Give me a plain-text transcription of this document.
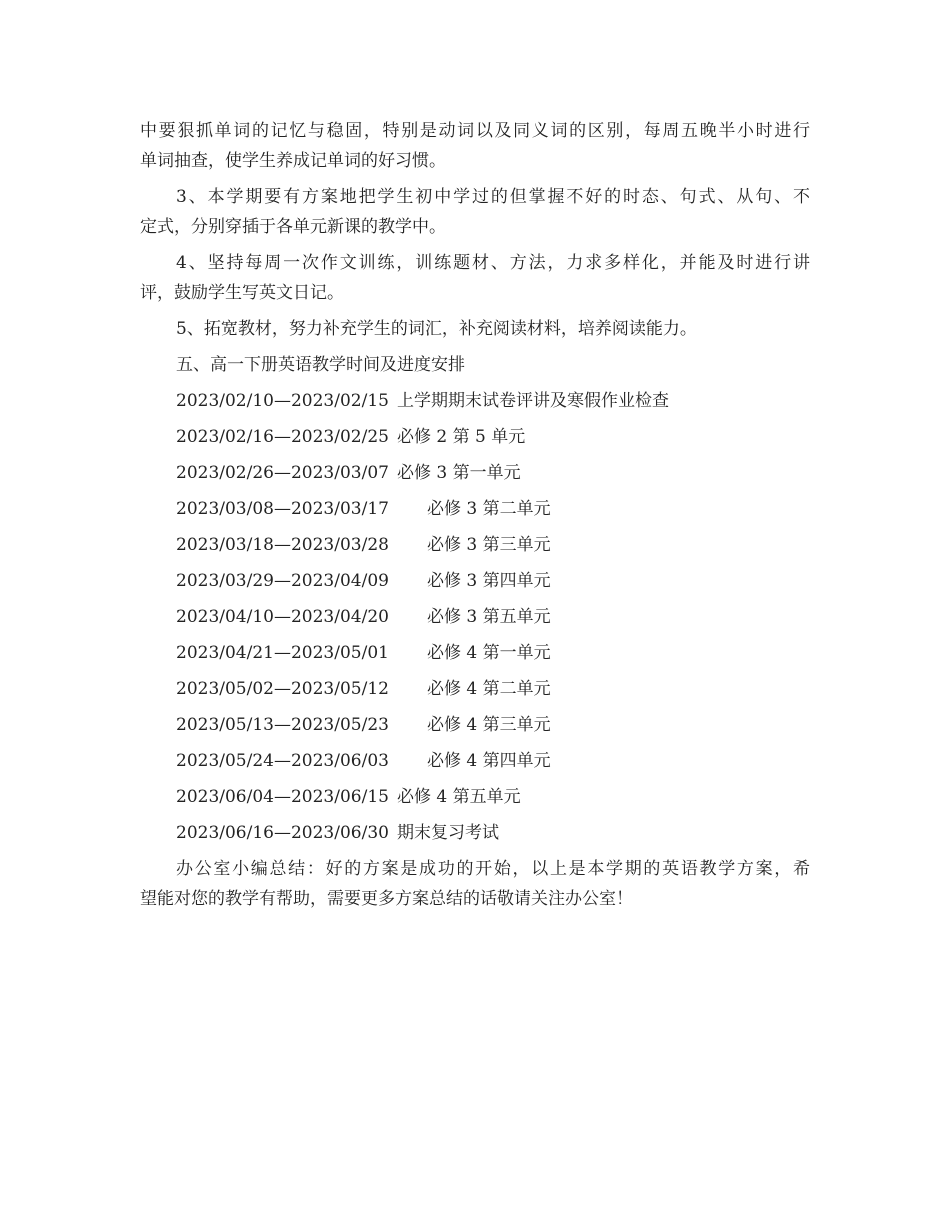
中要狠抓单词的记忆与稳固，特别是动词以及同义词的区别，每周五晚半小时进行
单词抽查，使学生养成记单词的好习惯。

3、本学期要有方案地把学生初中学过的但掌握不好的时态、句式、从句、不
定式，分别穿插于各单元新课的教学中。

4、坚持每周一次作文训练，训练题材、方法，力求多样化，并能及时进行讲
评，鼓励学生写英文日记。

5、拓宽教材，努力补充学生的词汇，补充阅读材料，培养阅读能力。

五、高一下册英语教学时间及进度安排

2023/02/10—2023/02/15 上学期期末试卷评讲及寒假作业检查
2023/02/16—2023/02/25 必修 2 第 5 单元
2023/02/26—2023/03/07 必修 3 第一单元
2023/03/08—2023/03/17 必修 3 第二单元
2023/03/18—2023/03/28 必修 3 第三单元
2023/03/29—2023/04/09 必修 3 第四单元
2023/04/10—2023/04/20 必修 3 第五单元
2023/04/21—2023/05/01 必修 4 第一单元
2023/05/02—2023/05/12 必修 4 第二单元
2023/05/13—2023/05/23 必修 4 第三单元
2023/05/24—2023/06/03 必修 4 第四单元
2023/06/04—2023/06/15 必修 4 第五单元
2023/06/16—2023/06/30 期末复习考试

办公室小编总结：好的方案是成功的开始，以上是本学期的英语教学方案，希
望能对您的教学有帮助，需要更多方案总结的话敬请关注办公室！
